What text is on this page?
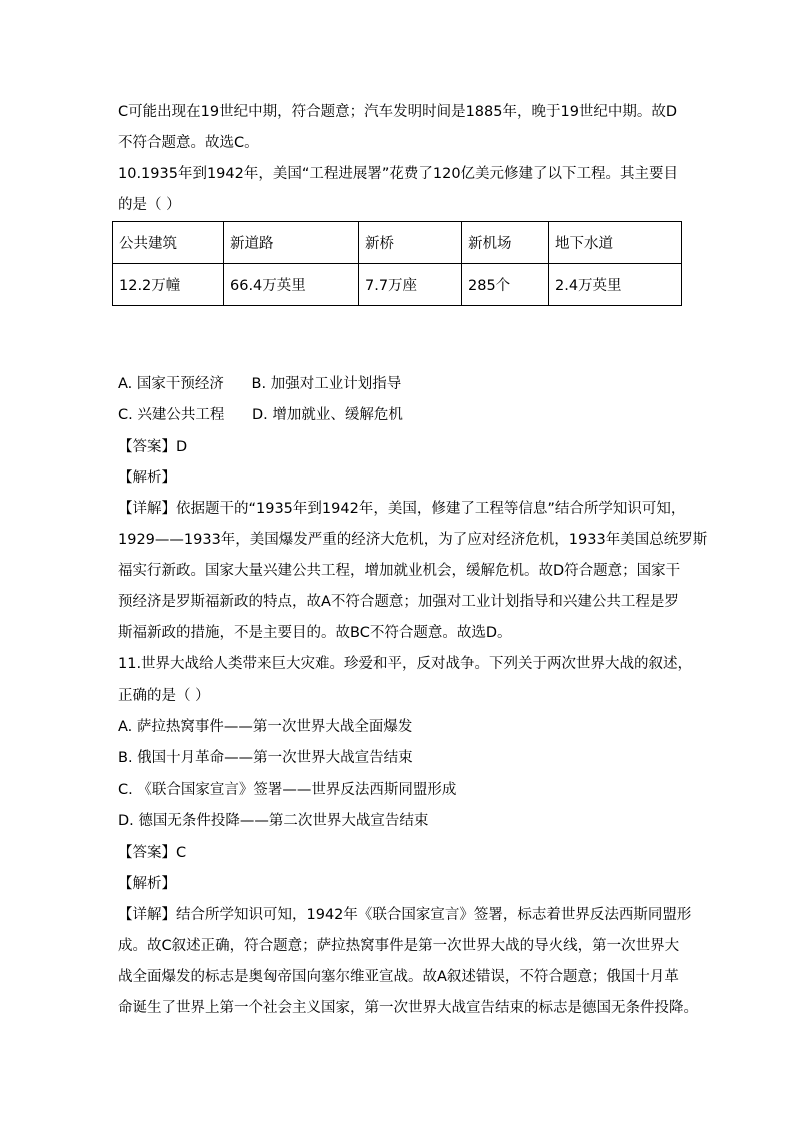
C可能出现在19世纪中期，符合题意；汽车发明时间是1885年，晚于19世纪中期。故D
不符合题意。故选C。
10.1935年到1942年，美国“工程进展署”花费了120亿美元修建了以下工程。其主要目
的是（ ）
公共建筑	新道路	新桥	新机场	地下水道
12.2万幢	66.4万英里	7.7万座	285个	2.4万英里
A. 国家干预经济      B. 加强对工业计划指导
C. 兴建公共工程      D. 增加就业、缓解危机
【答案】D
【解析】
【详解】依据题干的“1935年到1942年，美国，修建了工程等信息”结合所学知识可知，
1929——1933年，美国爆发严重的经济大危机，为了应对经济危机，1933年美国总统罗斯
福实行新政。国家大量兴建公共工程，增加就业机会，缓解危机。故D符合题意；国家干
预经济是罗斯福新政的特点，故A不符合题意；加强对工业计划指导和兴建公共工程是罗
斯福新政的措施，不是主要目的。故BC不符合题意。故选D。
11.世界大战给人类带来巨大灾难。珍爱和平，反对战争。下列关于两次世界大战的叙述，
正确的是（ ）
A. 萨拉热窝事件——第一次世界大战全面爆发
B. 俄国十月革命——第一次世界大战宣告结束
C. 《联合国家宣言》签署——世界反法西斯同盟形成
D. 德国无条件投降——第二次世界大战宣告结束
【答案】C
【解析】
【详解】结合所学知识可知，1942年《联合国家宣言》签署，标志着世界反法西斯同盟形
成。故C叙述正确，符合题意；萨拉热窝事件是第一次世界大战的导火线，第一次世界大
战全面爆发的标志是奥匈帝国向塞尔维亚宣战。故A叙述错误，不符合题意；俄国十月革
命诞生了世界上第一个社会主义国家，第一次世界大战宣告结束的标志是德国无条件投降。
